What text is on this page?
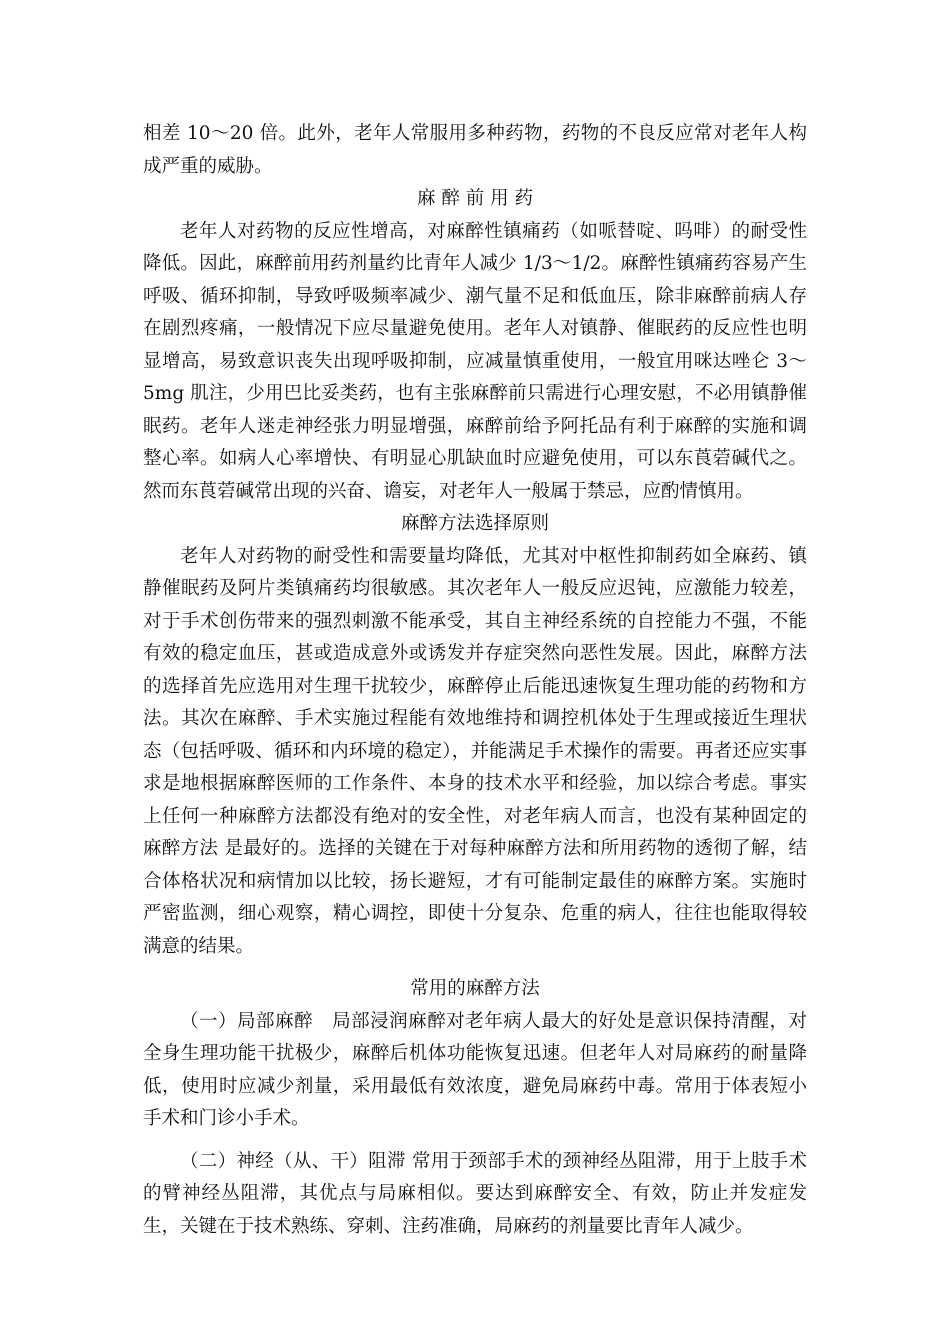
相差 10～20 倍。此外，老年人常服用多种药物，药物的不良反应常对老年人构成严重的威胁。

麻 醉 前 用 药

老年人对药物的反应性增高，对麻醉性镇痛药（如哌替啶、吗啡）的耐受性降低。因此，麻醉前用药剂量约比青年人减少 1/3～1/2。麻醉性镇痛药容易产生呼吸、循环抑制，导致呼吸频率减少、潮气量不足和低血压，除非麻醉前病人存在剧烈疼痛，一般情况下应尽量避免使用。老年人对镇静、催眠药的反应性也明显增高，易致意识丧失出现呼吸抑制，应减量慎重使用，一般宜用咪达唑仑 3～5mg 肌注，少用巴比妥类药，也有主张麻醉前只需进行心理安慰，不必用镇静催眠药。老年人迷走神经张力明显增强，麻醉前给予阿托品有利于麻醉的实施和调整心率。如病人心率增快、有明显心肌缺血时应避免使用，可以东莨菪碱代之。然而东莨菪碱常出现的兴奋、谵妄，对老年人一般属于禁忌，应酌情慎用。

麻醉方法选择原则

老年人对药物的耐受性和需要量均降低，尤其对中枢性抑制药如全麻药、镇静催眠药及阿片类镇痛药均很敏感。其次老年人一般反应迟钝，应激能力较差，对于手术创伤带来的强烈刺激不能承受，其自主神经系统的自控能力不强，不能有效的稳定血压，甚或造成意外或诱发并存症突然向恶性发展。因此，麻醉方法的选择首先应选用对生理干扰较少，麻醉停止后能迅速恢复生理功能的药物和方法。其次在麻醉、手术实施过程能有效地维持和调控机体处于生理或接近生理状态（包括呼吸、循环和内环境的稳定），并能满足手术操作的需要。再者还应实事求是地根据麻醉医师的工作条件、本身的技术水平和经验，加以综合考虑。事实上任何一种麻醉方法都没有绝对的安全性，对老年病人而言，也没有某种固定的麻醉方法 是最好的。选择的关键在于对每种麻醉方法和所用药物的透彻了解，结合体格状况和病情加以比较，扬长避短，才有可能制定最佳的麻醉方案。实施时严密监测，细心观察，精心调控，即使十分复杂、危重的病人，往往也能取得较满意的结果。

常用的麻醉方法

（一）局部麻醉　局部浸润麻醉对老年病人最大的好处是意识保持清醒，对全身生理功能干扰极少，麻醉后机体功能恢复迅速。但老年人对局麻药的耐量降低，使用时应减少剂量，采用最低有效浓度，避免局麻药中毒。常用于体表短小手术和门诊小手术。

（二）神经（从、干）阻滞 常用于颈部手术的颈神经丛阻滞，用于上肢手术的臂神经丛阻滞，其优点与局麻相似。要达到麻醉安全、有效，防止并发症发生，关键在于技术熟练、穿刺、注药准确，局麻药的剂量要比青年人减少。
